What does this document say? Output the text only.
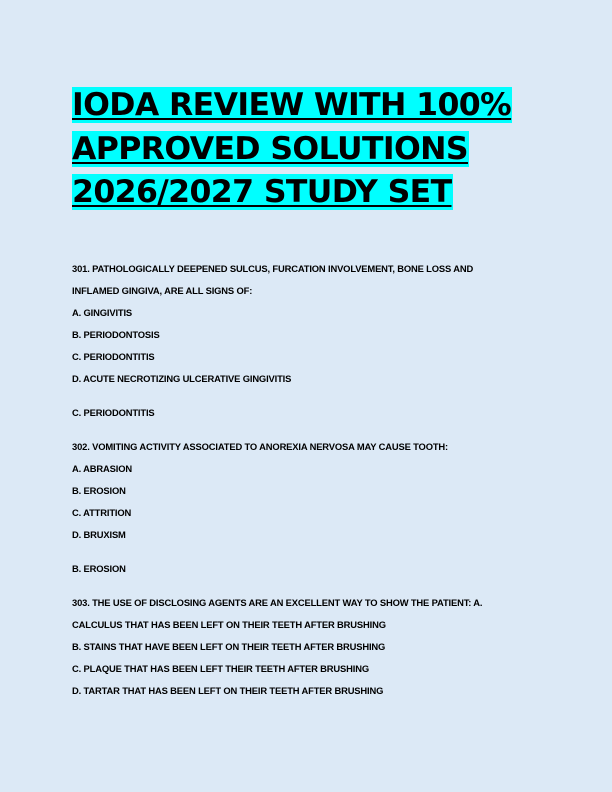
IODA REVIEW WITH 100%
APPROVED SOLUTIONS
2026/2027 STUDY SET
301. PATHOLOGICALLY DEEPENED SULCUS, FURCATION INVOLVEMENT, BONE LOSS AND
INFLAMED GINGIVA, ARE ALL SIGNS OF:
A. GINGIVITIS
B. PERIODONTOSIS
C. PERIODONTITIS
D. ACUTE NECROTIZING ULCERATIVE GINGIVITIS
C. PERIODONTITIS
302. VOMITING ACTIVITY ASSOCIATED TO ANOREXIA NERVOSA MAY CAUSE TOOTH:
A. ABRASION
B. EROSION
C. ATTRITION
D. BRUXISM
B. EROSION
303. THE USE OF DISCLOSING AGENTS ARE AN EXCELLENT WAY TO SHOW THE PATIENT: A.
CALCULUS THAT HAS BEEN LEFT ON THEIR TEETH AFTER BRUSHING
B. STAINS THAT HAVE BEEN LEFT ON THEIR TEETH AFTER BRUSHING
C. PLAQUE THAT HAS BEEN LEFT THEIR TEETH AFTER BRUSHING
D. TARTAR THAT HAS BEEN LEFT ON THEIR TEETH AFTER BRUSHING
